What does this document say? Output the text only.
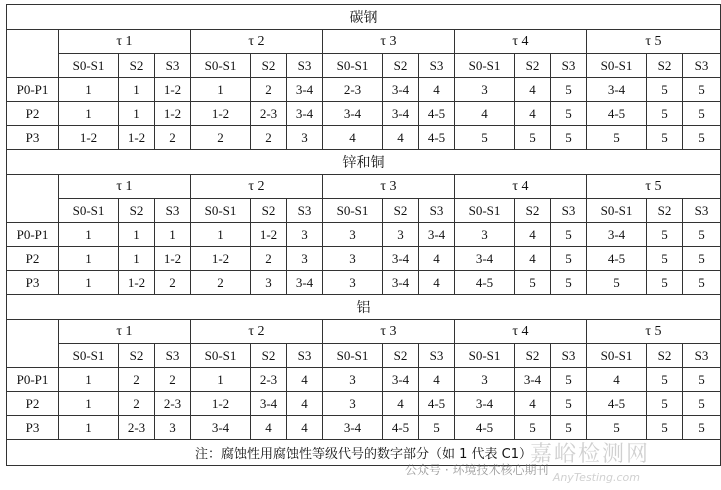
碳钢															
	τ 1			τ 2			τ 3			τ 4			τ 5		
	S0-S1	S2	S3	S0-S1	S2	S3	S0-S1	S2	S3	S0-S1	S2	S3	S0-S1	S2	S3
P0-P1	1	1	1-2	1	2	3-4	2-3	3-4	4	3	4	5	3-4	5	5
P2	1	1	1-2	1-2	2-3	3-4	3-4	3-4	4-5	4	4	5	4-5	5	5
P3	1-2	1-2	2	2	2	3	4	4	4-5	5	5	5	5	5	5
锌和铜															
	τ 1			τ 2			τ 3			τ 4			τ 5		
	S0-S1	S2	S3	S0-S1	S2	S3	S0-S1	S2	S3	S0-S1	S2	S3	S0-S1	S2	S3
P0-P1	1	1	1	1	1-2	3	3	3	3-4	3	4	5	3-4	5	5
P2	1	1	1-2	1-2	2	3	3	3-4	4	3-4	4	5	4-5	5	5
P3	1	1-2	2	2	3	3-4	3	3-4	4	4-5	5	5	5	5	5
铝															
	τ 1			τ 2			τ 3			τ 4			τ 5		
	S0-S1	S2	S3	S0-S1	S2	S3	S0-S1	S2	S3	S0-S1	S2	S3	S0-S1	S2	S3
P0-P1	1	2	2	1	2-3	4	3	3-4	4	3	3-4	5	4	5	5
P2	1	2	2-3	1-2	3-4	4	3	4	4-5	3-4	4	5	4-5	5	5
P3	1	2-3	3	3-4	4	4	3-4	4-5	5	4-5	5	5	5	5	5
注：腐蚀性用腐蚀性等级代号的数字部分（如 1 代表 C1）															
嘉峪检测网
AnyTesting.com
公众号 · 环境技术核心期刊
